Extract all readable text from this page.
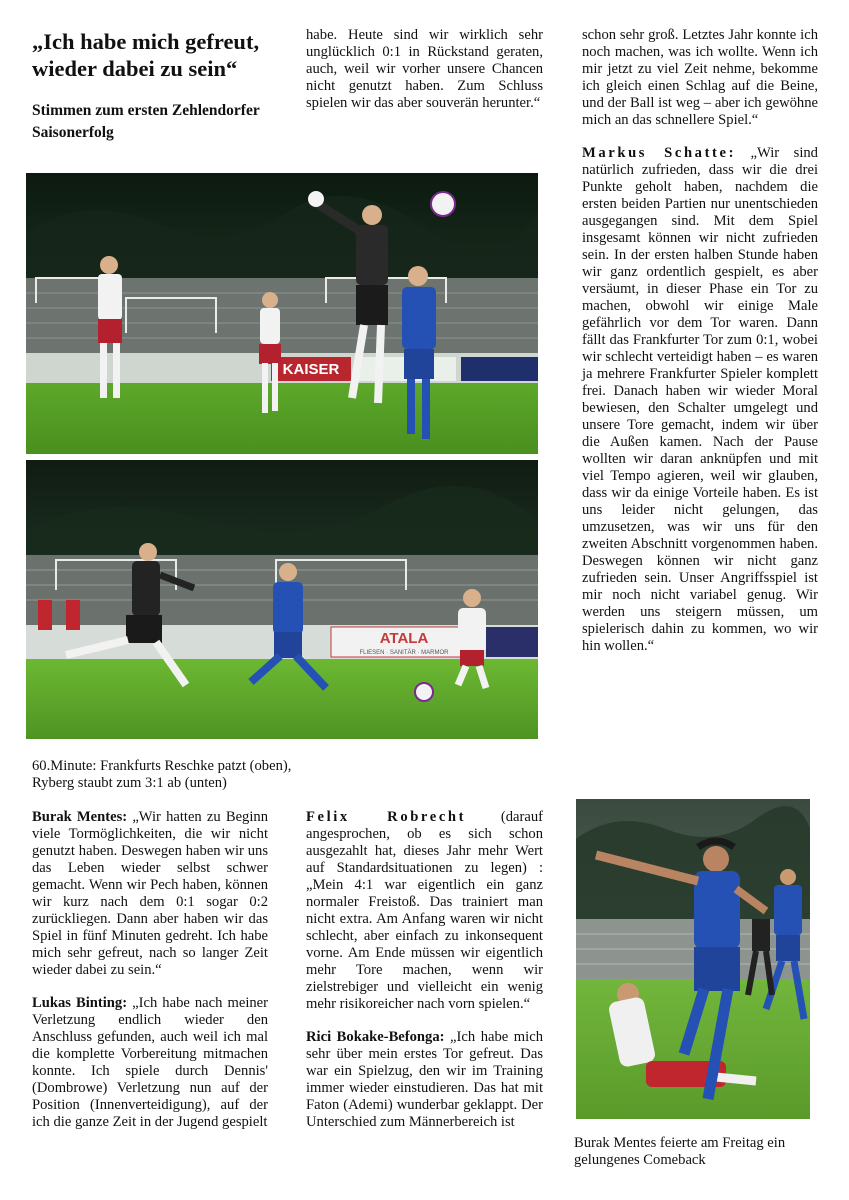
„Ich habe mich gefreut, wieder dabei zu sein“
Stimmen zum ersten Zehlendorfer Saisonerfolg

habe. Heute sind wir wirklich sehr unglücklich 0:1 in Rückstand geraten, auch, weil wir vorher unsere Chancen nicht genutzt haben. Zum Schluss spielen wir das aber souverän herunter.“

schon sehr groß. Letztes Jahr konnte ich noch machen, was ich wollte. Wenn ich mir jetzt zu viel Zeit nehme, bekomme ich gleich einen Schlag auf die Beine, und der Ball ist weg – aber ich gewöhne mich an das schnellere Spiel.“

Markus Schatte: „Wir sind natürlich zufrieden, dass wir die drei Punkte geholt haben, nachdem die ersten beiden Partien nur unentschieden ausgegangen sind. Mit dem Spiel insgesamt können wir nicht zufrieden sein. In der ersten halben Stunde haben wir ganz ordentlich gespielt, es aber versäumt, in dieser Phase ein Tor zu machen, obwohl wir einige Male gefährlich vor dem Tor waren. Dann fällt das Frankfurter Tor zum 0:1, wobei wir schlecht verteidigt haben – es waren ja mehrere Frankfurter Spieler komplett frei. Danach haben wir wieder Moral bewiesen, den Schalter umgelegt und unsere Tore gemacht, indem wir über die Außen kamen. Nach der Pause wollten wir daran anknüpfen und mit viel Tempo agieren, weil wir glauben, dass wir da einige Vorteile haben. Es ist uns leider nicht gelungen, das umzusetzen, was wir uns für den zweiten Abschnitt vorgenommen haben. Deswegen können wir nicht ganz zufrieden sein. Unser Angriffsspiel ist mir noch nicht variabel genug. Wir werden uns steigern müssen, um spielerisch dahin zu kommen, wo wir hin wollen.“

KAISER
ATALA
FLIESEN · SANITÄR · MARMOR
60.Minute: Frankfurts Reschke patzt (oben), Ryberg staubt zum 3:1 ab (unten)

Burak Mentes: „Wir hatten zu Beginn viele Tormöglichkeiten, die wir nicht genutzt haben. Deswegen haben wir uns das Leben wieder selbst schwer gemacht. Wenn wir Pech haben, können wir kurz nach dem 0:1 sogar 0:2 zurückliegen. Dann aber haben wir das Spiel in fünf Minuten gedreht. Ich habe mich sehr gefreut, nach so langer Zeit wieder dabei zu sein.“

Lukas Binting: „Ich habe nach meiner Verletzung endlich wieder den Anschluss gefunden, auch weil ich mal die komplette Vorbereitung mitmachen konnte. Ich spiele durch Dennis' (Dombrowe) Verletzung nun auf der Position (Innenverteidigung), auf der ich die ganze Zeit in der Jugend gespielt

Felix Robrecht (darauf angesprochen, ob es sich schon ausgezahlt hat, dieses Jahr mehr Wert auf Standardsituationen zu legen) : „Mein 4:1 war eigentlich ein ganz normaler Freistoß. Das trainiert man nicht extra. Am Anfang waren wir nicht schlecht, aber einfach zu inkonsequent vorne. Am Ende müssen wir eigentlich mehr Tore machen, wenn wir zielstrebiger und vielleicht ein wenig mehr risikoreicher nach vorn spielen.“

Rici Bokake-Befonga: „Ich habe mich sehr über mein erstes Tor gefreut. Das war ein Spielzug, den wir im Training immer wieder einstudieren. Das hat mit Faton (Ademi) wunderbar geklappt. Der Unterschied zum Männerbereich ist

Burak Mentes feierte am Freitag ein gelungenes Comeback
